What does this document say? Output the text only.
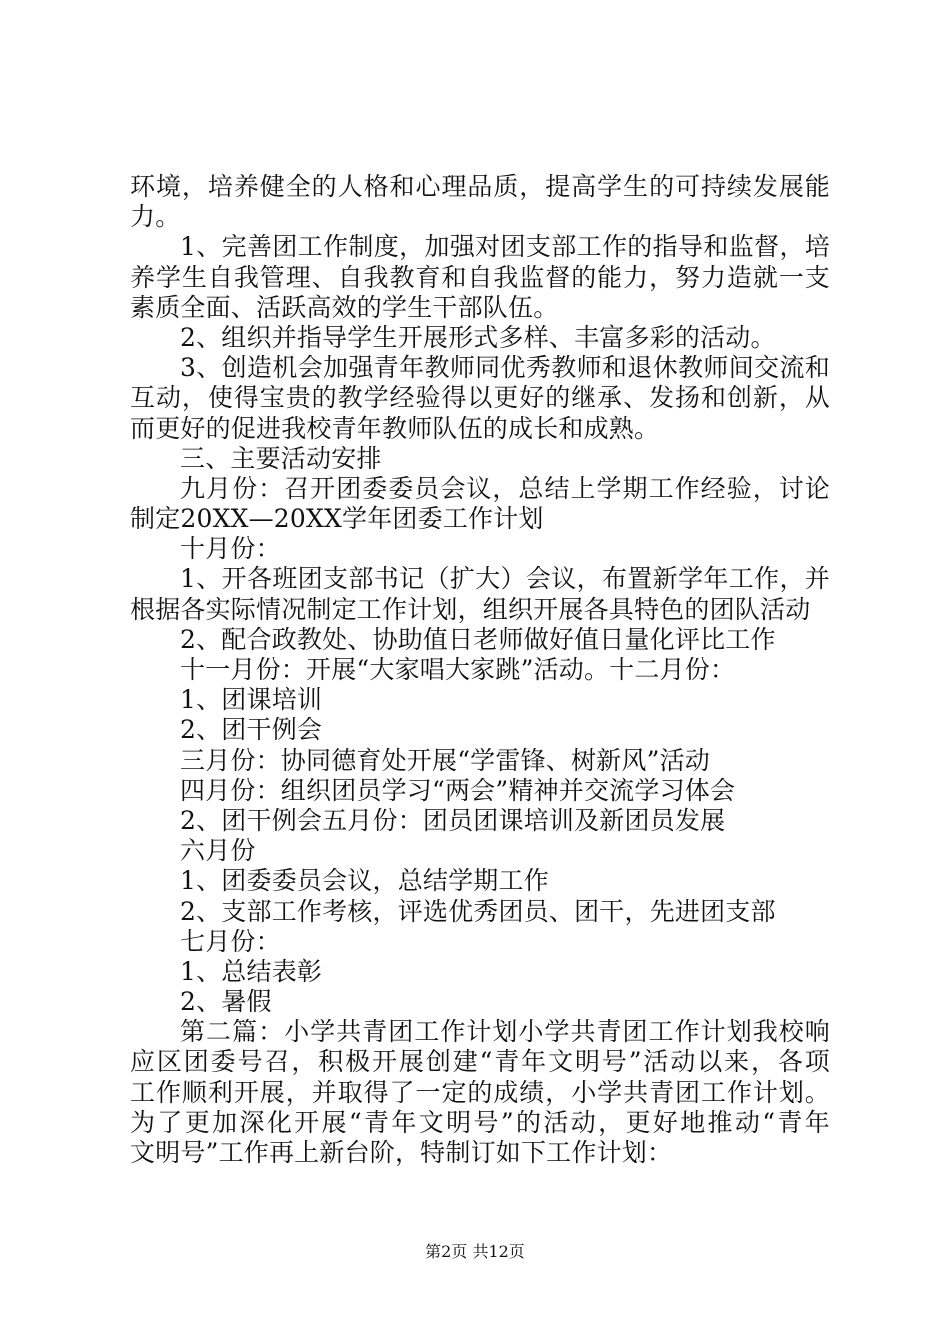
环境，培养健全的人格和心理品质，提高学生的可持续发展能
力。
1、完善团工作制度，加强对团支部工作的指导和监督，培
养学生自我管理、自我教育和自我监督的能力，努力造就一支
素质全面、活跃高效的学生干部队伍。
2、组织并指导学生开展形式多样、丰富多彩的活动。
3、创造机会加强青年教师同优秀教师和退休教师间交流和
互动，使得宝贵的教学经验得以更好的继承、发扬和创新，从
而更好的促进我校青年教师队伍的成长和成熟。
三、主要活动安排
九月份：召开团委委员会议，总结上学期工作经验，讨论
制定20XX—20XX学年团委工作计划
十月份：
1、开各班团支部书记（扩大）会议，布置新学年工作，并
根据各实际情况制定工作计划，组织开展各具特色的团队活动
2、配合政教处、协助值日老师做好值日量化评比工作
十一月份：开展“大家唱大家跳”活动。十二月份：
1、团课培训
2、团干例会
三月份：协同德育处开展“学雷锋、树新风”活动
四月份：组织团员学习“两会”精神并交流学习体会
2、团干例会五月份：团员团课培训及新团员发展
六月份
1、团委委员会议，总结学期工作
2、支部工作考核，评选优秀团员、团干，先进团支部
七月份：
1、总结表彰
2、暑假
第二篇：小学共青团工作计划小学共青团工作计划我校响
应区团委号召，积极开展创建“青年文明号”活动以来，各项
工作顺利开展，并取得了一定的成绩，小学共青团工作计划。
为了更加深化开展“青年文明号”的活动，更好地推动“青年
文明号”工作再上新台阶，特制订如下工作计划：
第2页 共12页
